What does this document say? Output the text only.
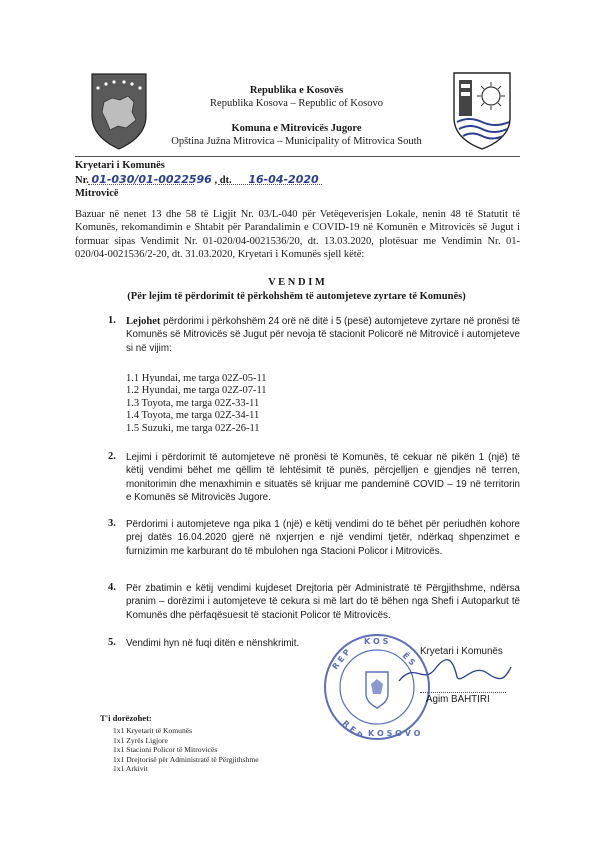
Republika e Kosovës
Republika Kosova – Republic of Kosovo
Komuna e Mitrovicës Jugore
Opština Južna Mitrovica – Municipality of Mitrovica South
Kryetari i Komunës
Nr. 01-030/01-0022596 , dt. 16-04-2020
Mitrovicë

Bazuar në nenet 13 dhe 58 të Ligjit Nr. 03/L-040 për Vetëqeverisjen Lokale, nenin 48 të Statutit të Komunës, rekomandimin e Shtabit për Parandalimin e COVID-19 në Komunën e Mitrovicës së Jugut i formuar sipas Vendimit Nr. 01-020/04-0021536/20, dt. 13.03.2020, plotësuar me Vendimin Nr. 01-020/04-0021536/2-20, dt. 31.03.2020, Kryetari i Komunës sjell këtë:

V E N D I M
(Për lejim të përdorimit të përkohshëm të automjeteve zyrtare të Komunës)
1. Lejohet përdorimi i përkohshëm 24 orë në ditë i 5 (pesë) automjeteve zyrtare në pronësi të Komunës së Mitrovicës së Jugut për nevoja të stacionit Policorë në Mitrovicë i automjeteve si në vijim:

1.1 Hyundai, me targa 02Z-05-11
1.2 Hyundai, me targa 02Z-07-11
1.3 Toyota, me targa 02Z-33-11
1.4 Toyota, me targa 02Z-34-11
1.5 Suzuki, me targa 02Z-26-11
2. Lejimi i përdorimit të automjeteve në pronësi të Komunës, të cekuar në pikën 1 (një) të këtij vendimi bëhet me qëllim të lehtësimit të punës, përcjelljen e gjendjes në terren, monitorimin dhe menaxhimin e situatës së krijuar me pandeminë COVID – 19 në territorin e Komunës së Mitrovicës Jugore.

3. Përdorimi i automjeteve nga pika 1 (një) e këtij vendimi do të bëhet për periudhën kohore prej datës 16.04.2020 gjerë në nxjerrjen e një vendimi tjetër, ndërkaq shpenzimet e furnizimin me karburant do të mbulohen nga Stacioni Policor i Mitrovicës.

4. Për zbatimin e këtij vendimi kujdeset Drejtoria për Administratë të Përgjithshme, ndërsa pranim – dorëzimi i automjeteve të cekura si më lart do të bëhen nga Shefi i Autoparkut të Komunës dhe përfaqësuesit të stacionit Policor të Mitrovicës.

5. Vendimi hyn në fuqi ditën e nënshkrimit.

R E P
K O S
Ë S
R E P K O S O V O
Kryetari i Komunës
Agim BAHTIRI
T'i dorëzohet:
1x1 Kryetarit të Komunës
1x1 Zyrës Ligjore
1x1 Stacioni Policor të Mitrovicës
1x1 Drejtorisë për Administratë të Përgjithshme
1x1 Arkivit
